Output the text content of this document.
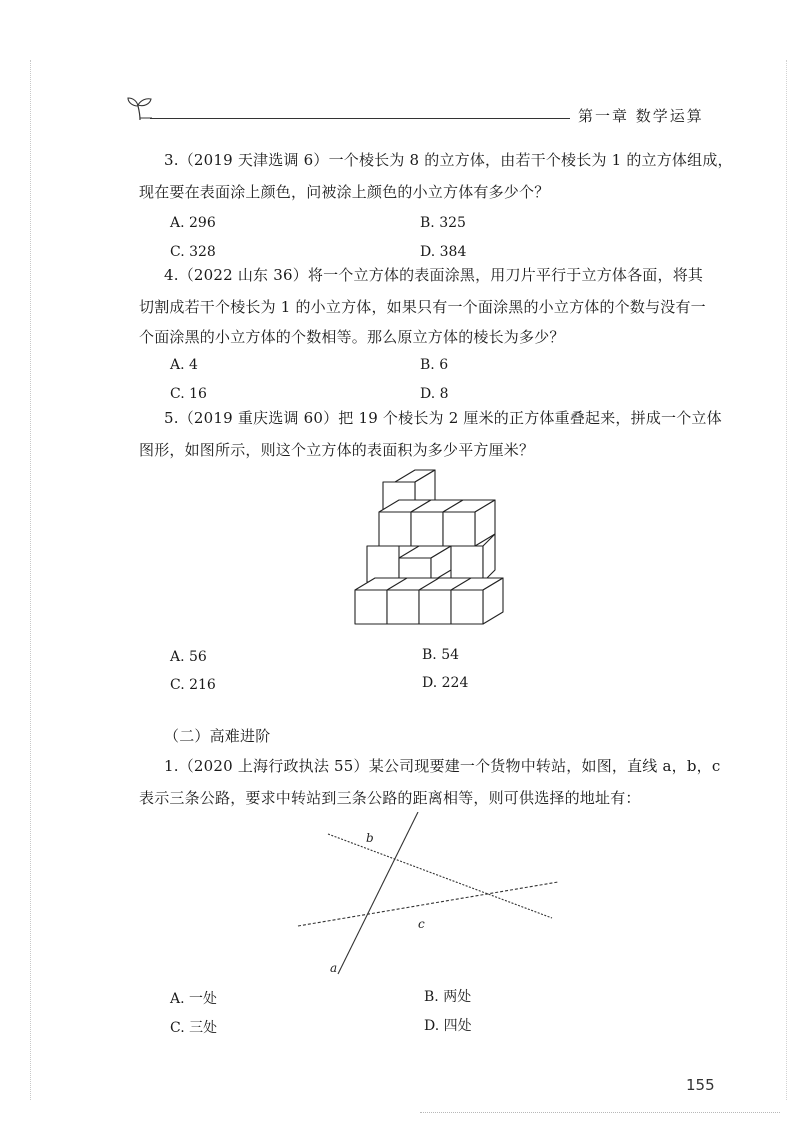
第一章 数学运算
3.（2019 天津选调 6）一个棱长为 8 的立方体，由若干个棱长为 1 的立方体组成，
现在要在表面涂上颜色，问被涂上颜色的小立方体有多少个？
A. 296	B. 325
C. 328	D. 384
4.（2022 山东 36）将一个立方体的表面涂黑，用刀片平行于立方体各面，将其
切割成若干个棱长为 1 的小立方体，如果只有一个面涂黑的小立方体的个数与没有一
个面涂黑的小立方体的个数相等。那么原立方体的棱长为多少？
A. 4	B. 6
C. 16	D. 8
5.（2019 重庆选调 60）把 19 个棱长为 2 厘米的正方体重叠起来，拼成一个立体
图形，如图所示，则这个立方体的表面积为多少平方厘米？
A. 56	B. 54
C. 216	D. 224
（二）高难进阶
1.（2020 上海行政执法 55）某公司现要建一个货物中转站，如图，直线 a，b，c
表示三条公路，要求中转站到三条公路的距离相等，则可供选择的地址有：
b
c
a
A. 一处	B. 两处
C. 三处	D. 四处
155
